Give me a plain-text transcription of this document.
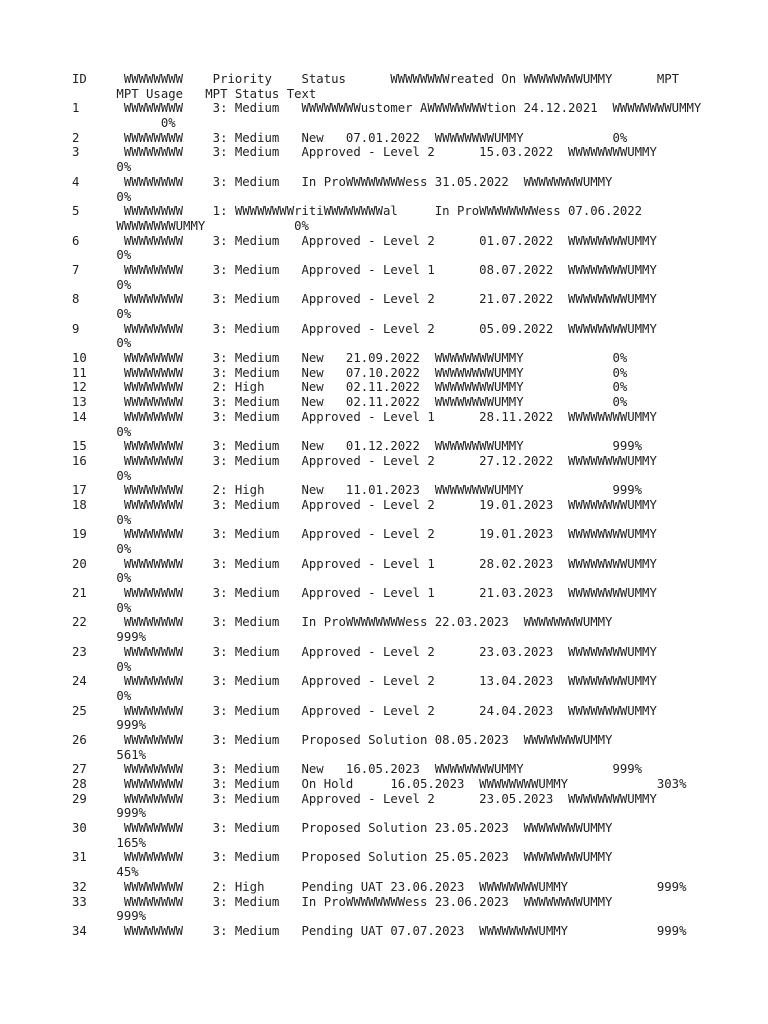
ID     WWWWWWWW    Priority    Status      WWWWWWWWreated On WWWWWWWWUMMY      MPT
MPT Usage   MPT Status Text
1      WWWWWWWW    3: Medium   WWWWWWWWustomer AWWWWWWWWtion 24.12.2021  WWWWWWWWUMMY
0%
2      WWWWWWWW    3: Medium   New   07.01.2022  WWWWWWWWUMMY            0%
3      WWWWWWWW    3: Medium   Approved - Level 2      15.03.2022  WWWWWWWWUMMY
0%
4      WWWWWWWW    3: Medium   In ProWWWWWWWWess 31.05.2022  WWWWWWWWUMMY
0%
5      WWWWWWWW    1: WWWWWWWWritiWWWWWWWWal     In ProWWWWWWWWess 07.06.2022
WWWWWWWWUMMY            0%
6      WWWWWWWW    3: Medium   Approved - Level 2      01.07.2022  WWWWWWWWUMMY
0%
7      WWWWWWWW    3: Medium   Approved - Level 1      08.07.2022  WWWWWWWWUMMY
0%
8      WWWWWWWW    3: Medium   Approved - Level 2      21.07.2022  WWWWWWWWUMMY
0%
9      WWWWWWWW    3: Medium   Approved - Level 2      05.09.2022  WWWWWWWWUMMY
0%
10     WWWWWWWW    3: Medium   New   21.09.2022  WWWWWWWWUMMY            0%
11     WWWWWWWW    3: Medium   New   07.10.2022  WWWWWWWWUMMY            0%
12     WWWWWWWW    2: High     New   02.11.2022  WWWWWWWWUMMY            0%
13     WWWWWWWW    3: Medium   New   02.11.2022  WWWWWWWWUMMY            0%
14     WWWWWWWW    3: Medium   Approved - Level 1      28.11.2022  WWWWWWWWUMMY
0%
15     WWWWWWWW    3: Medium   New   01.12.2022  WWWWWWWWUMMY            999%
16     WWWWWWWW    3: Medium   Approved - Level 2      27.12.2022  WWWWWWWWUMMY
0%
17     WWWWWWWW    2: High     New   11.01.2023  WWWWWWWWUMMY            999%
18     WWWWWWWW    3: Medium   Approved - Level 2      19.01.2023  WWWWWWWWUMMY
0%
19     WWWWWWWW    3: Medium   Approved - Level 2      19.01.2023  WWWWWWWWUMMY
0%
20     WWWWWWWW    3: Medium   Approved - Level 1      28.02.2023  WWWWWWWWUMMY
0%
21     WWWWWWWW    3: Medium   Approved - Level 1      21.03.2023  WWWWWWWWUMMY
0%
22     WWWWWWWW    3: Medium   In ProWWWWWWWWess 22.03.2023  WWWWWWWWUMMY
999%
23     WWWWWWWW    3: Medium   Approved - Level 2      23.03.2023  WWWWWWWWUMMY
0%
24     WWWWWWWW    3: Medium   Approved - Level 2      13.04.2023  WWWWWWWWUMMY
0%
25     WWWWWWWW    3: Medium   Approved - Level 2      24.04.2023  WWWWWWWWUMMY
999%
26     WWWWWWWW    3: Medium   Proposed Solution 08.05.2023  WWWWWWWWUMMY
561%
27     WWWWWWWW    3: Medium   New   16.05.2023  WWWWWWWWUMMY            999%
28     WWWWWWWW    3: Medium   On Hold     16.05.2023  WWWWWWWWUMMY            303%
29     WWWWWWWW    3: Medium   Approved - Level 2      23.05.2023  WWWWWWWWUMMY
999%
30     WWWWWWWW    3: Medium   Proposed Solution 23.05.2023  WWWWWWWWUMMY
165%
31     WWWWWWWW    3: Medium   Proposed Solution 25.05.2023  WWWWWWWWUMMY
45%
32     WWWWWWWW    2: High     Pending UAT 23.06.2023  WWWWWWWWUMMY            999%
33     WWWWWWWW    3: Medium   In ProWWWWWWWWess 23.06.2023  WWWWWWWWUMMY
999%
34     WWWWWWWW    3: Medium   Pending UAT 07.07.2023  WWWWWWWWUMMY            999%
